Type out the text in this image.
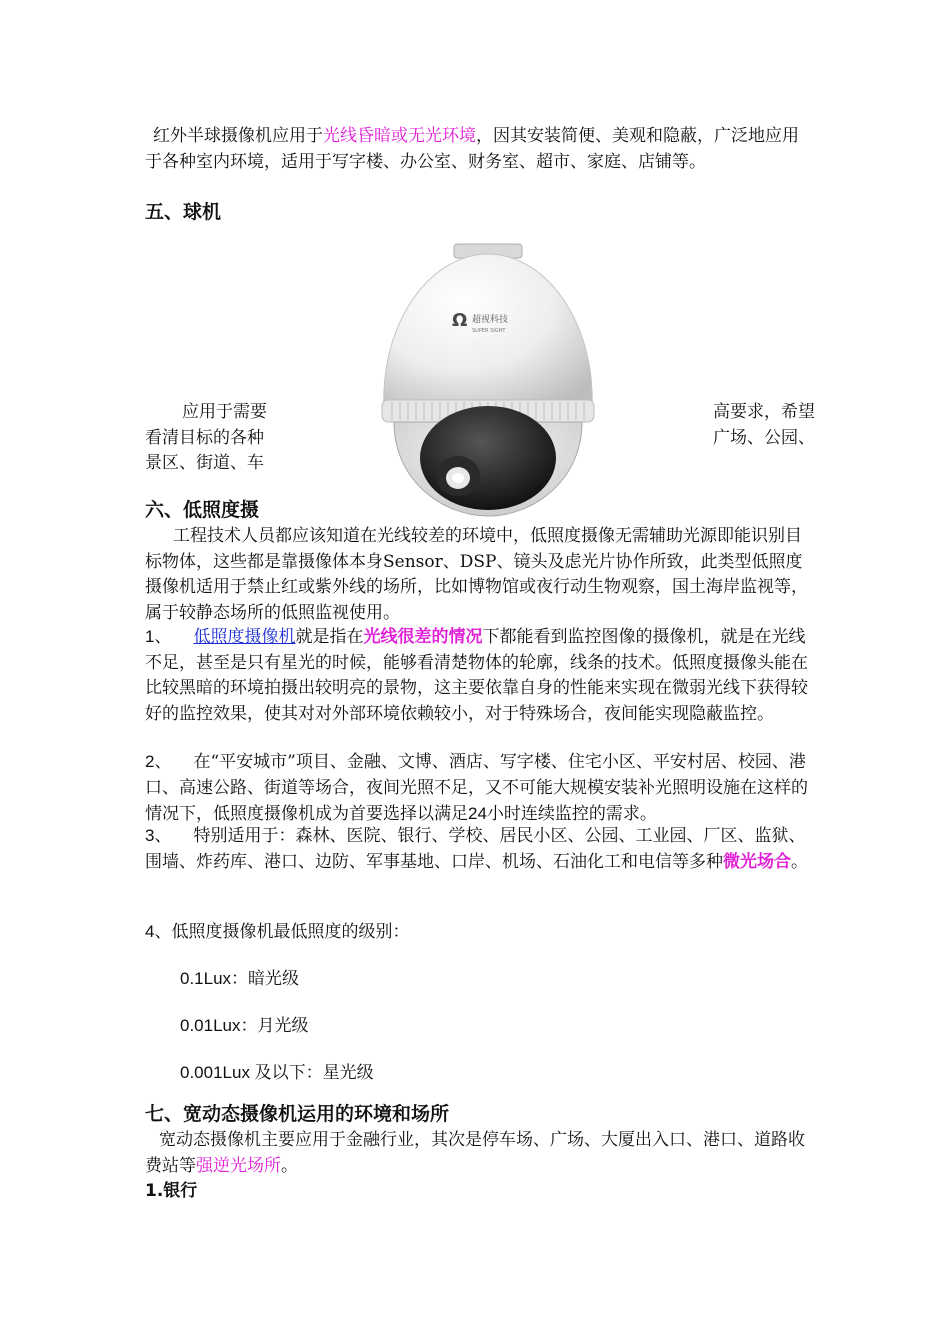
红外半球摄像机应用于光线昏暗或无光环境，因其安装简便、美观和隐蔽，广泛地应用于各种室内环境，适用于写字楼、办公室、财务室、超市、家庭、店铺等。

五、球机

应用于需要
看清目标的各种
景区、街道、车

高要求，希望
广场、公园、

Ω 超视科技
SUPER SIGHT
六、低照度摄

工程技术人员都应该知道在光线较差的环境中，低照度摄像无需辅助光源即能识别目标物体，这些都是靠摄像体本身Sensor、DSP、镜头及虑光片协作所致，此类型低照度摄像机适用于禁止红或紫外线的场所，比如博物馆或夜行动生物观察，国土海岸监视等，属于较静态场所的低照监视使用。

1、 低照度摄像机就是指在光线很差的情况下都能看到监控图像的摄像机，就是在光线不足，甚至是只有星光的时候，能够看清楚物体的轮廓，线条的技术。低照度摄像头能在比较黑暗的环境拍摄出较明亮的景物，这主要依靠自身的性能来实现在微弱光线下获得较好的监控效果，使其对对外部环境依赖较小，对于特殊场合，夜间能实现隐蔽监控。

2、 在“平安城市”项目、金融、文博、酒店、写字楼、住宅小区、平安村居、校园、港口、高速公路、街道等场合，夜间光照不足，又不可能大规模安装补光照明设施在这样的情况下，低照度摄像机成为首要选择以满足24小时连续监控的需求。

3、 特别适用于：森林、医院、银行、学校、居民小区、公园、工业园、厂区、监狱、围墙、炸药库、港口、边防、军事基地、口岸、机场、石油化工和电信等多种微光场合。

4、低照度摄像机最低照度的级别：

0.1Lux：暗光级

0.01Lux：月光级

0.001Lux 及以下：星光级

七、宽动态摄像机运用的环境和场所

宽动态摄像机主要应用于金融行业，其次是停车场、广场、大厦出入口、港口、道路收费站等强逆光场所。

1.银行
